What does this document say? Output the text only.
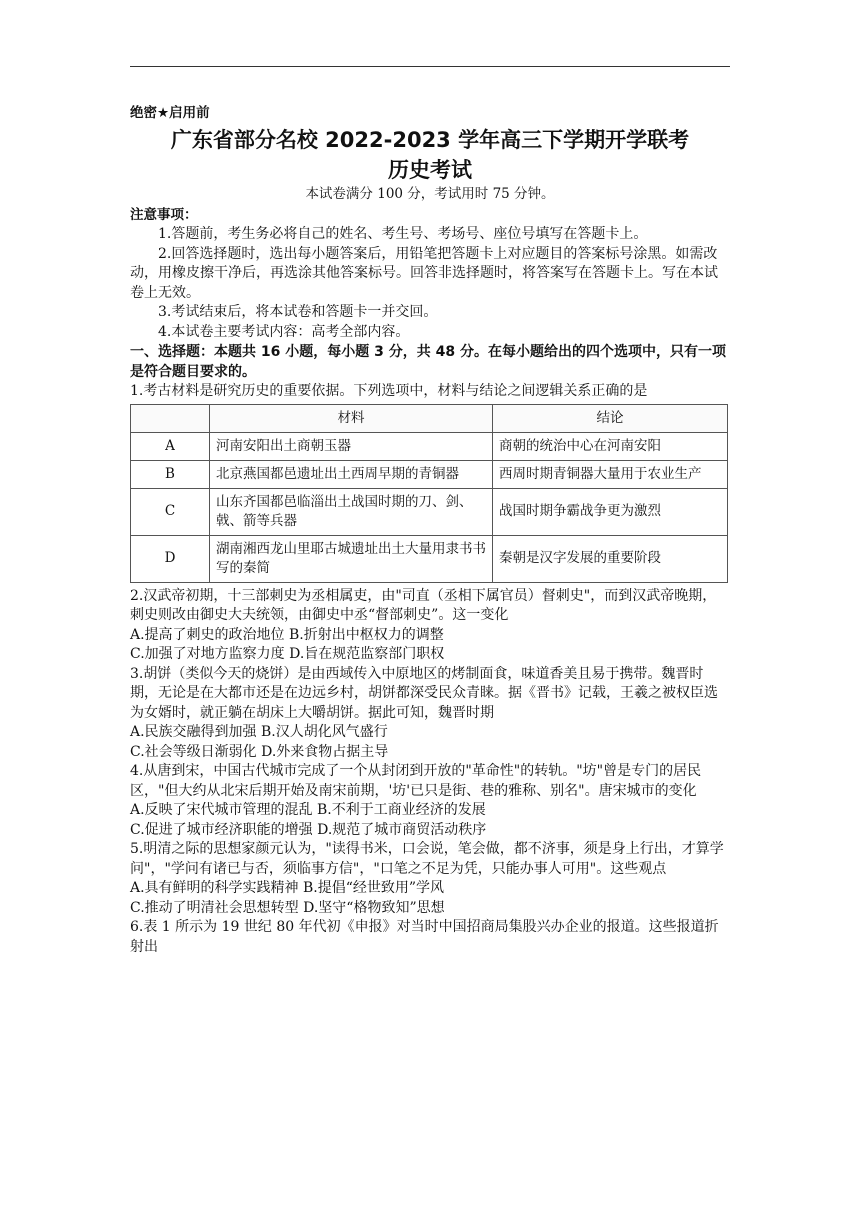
绝密★启用前
广东省部分名校 2022-2023 学年高三下学期开学联考
历史考试
本试卷满分 100 分，考试用时 75 分钟。
注意事项：

1.答题前，考生务必将自己的姓名、考生号、考场号、座位号填写在答题卡上。

2.回答选择题时，选出每小题答案后，用铅笔把答题卡上对应题目的答案标号涂黑。如需改动，用橡皮擦干净后，再选涂其他答案标号。回答非选择题时，将答案写在答题卡上。写在本试卷上无效。

3.考试结束后，将本试卷和答题卡一并交回。

4.本试卷主要考试内容：高考全部内容。

一、选择题：本题共 16 小题，每小题 3 分，共 48 分。在每小题给出的四个选项中，只有一项是符合题目要求的。

1.考古材料是研究历史的重要依据。下列选项中，材料与结论之间逻辑关系正确的是

	材料	结论
A	河南安阳出土商朝玉器	商朝的统治中心在河南安阳
B	北京燕国都邑遗址出土西周早期的青铜器	西周时期青铜器大量用于农业生产
C	山东齐国都邑临淄出土战国时期的刀、剑、戟、箭等兵器	战国时期争霸战争更为激烈
D	湖南湘西龙山里耶古城遗址出土大量用隶书书写的秦简	秦朝是汉字发展的重要阶段

2.汉武帝初期，十三部刺史为丞相属吏，由"司直（丞相下属官员）督刺史"，而到汉武帝晚期，刺史则改由御史大夫统领，由御史中丞“督部刺史”。这一变化

A.提高了刺史的政治地位 B.折射出中枢权力的调整

C.加强了对地方监察力度 D.旨在规范监察部门职权

3.胡饼（类似今天的烧饼）是由西域传入中原地区的烤制面食，味道香美且易于携带。魏晋时期，无论是在大都市还是在边远乡村，胡饼都深受民众青睐。据《晋书》记载，王羲之被权臣选为女婿时，就正躺在胡床上大嚼胡饼。据此可知，魏晋时期

A.民族交融得到加强 B.汉人胡化风气盛行

C.社会等级日渐弱化 D.外来食物占据主导

4.从唐到宋，中国古代城市完成了一个从封闭到开放的"革命性"的转轨。"坊"曾是专门的居民区，"但大约从北宋后期开始及南宋前期，'坊'已只是街、巷的雅称、别名"。唐宋城市的变化

A.反映了宋代城市管理的混乱 B.不利于工商业经济的发展

C.促进了城市经济职能的增强 D.规范了城市商贸活动秩序

5.明清之际的思想家颜元认为，"读得书米，口会说，笔会做，都不济事，须是身上行出，才算学问"，"学问有诸已与否，须临事方信"，"口笔之不足为凭，只能办事人可用"。这些观点

A.具有鲜明的科学实践精神 B.提倡“经世致用”学风

C.推动了明清社会思想转型 D.坚守“格物致知”思想

6.表 1 所示为 19 世纪 80 年代初《申报》对当时中国招商局集股兴办企业的报道。这些报道折射出
